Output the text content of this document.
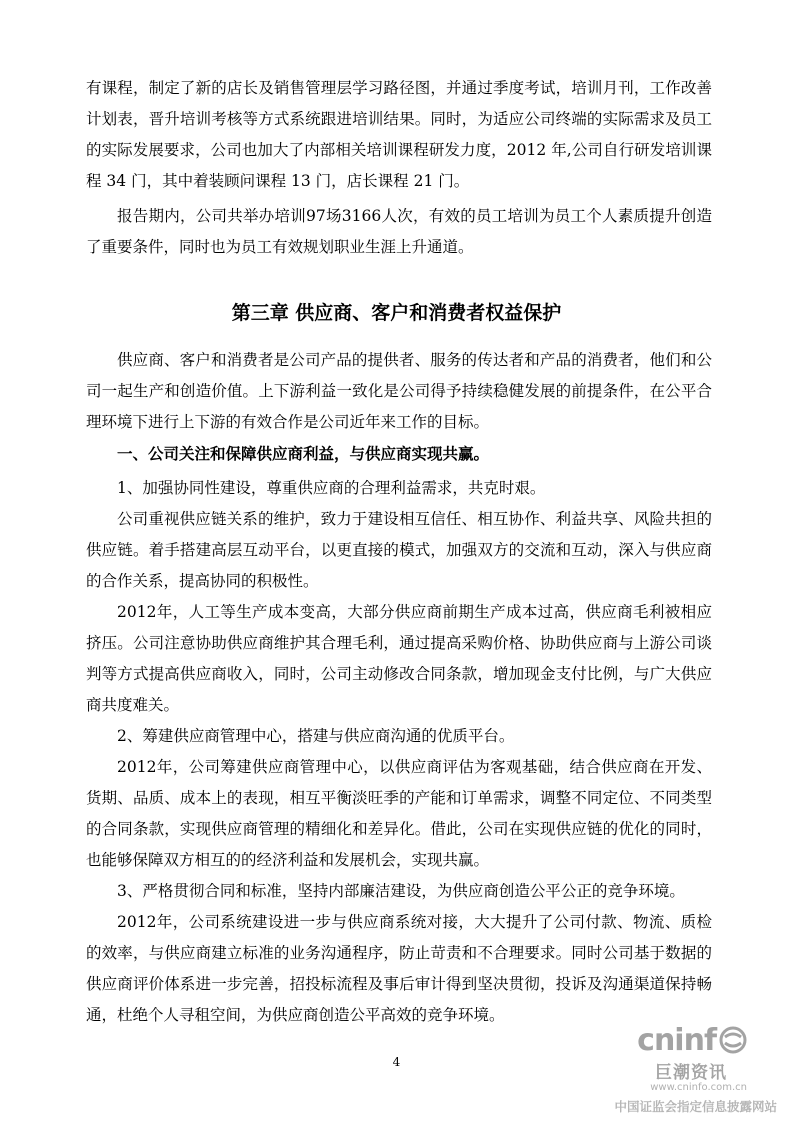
有课程，制定了新的店长及销售管理层学习路径图，并通过季度考试，培训月刊，工作改善计划表，晋升培训考核等方式系统跟进培训结果。同时，为适应公司终端的实际需求及员工的实际发展要求，公司也加大了内部相关培训课程研发力度，2012 年,公司自行研发培训课程 34 门，其中着装顾问课程 13 门，店长课程 21 门。

报告期内，公司共举办培训97场3166人次，有效的员工培训为员工个人素质提升创造了重要条件，同时也为员工有效规划职业生涯上升通道。

第三章 供应商、客户和消费者权益保护

供应商、客户和消费者是公司产品的提供者、服务的传达者和产品的消费者，他们和公司一起生产和创造价值。上下游利益一致化是公司得予持续稳健发展的前提条件，在公平合理环境下进行上下游的有效合作是公司近年来工作的目标。

一、公司关注和保障供应商利益，与供应商实现共赢。

1、加强协同性建设，尊重供应商的合理利益需求，共克时艰。

公司重视供应链关系的维护，致力于建设相互信任、相互协作、利益共享、风险共担的供应链。着手搭建高层互动平台，以更直接的模式，加强双方的交流和互动，深入与供应商的合作关系，提高协同的积极性。

2012年，人工等生产成本变高，大部分供应商前期生产成本过高，供应商毛利被相应挤压。公司注意协助供应商维护其合理毛利，通过提高采购价格、协助供应商与上游公司谈判等方式提高供应商收入，同时，公司主动修改合同条款，增加现金支付比例，与广大供应商共度难关。

2、筹建供应商管理中心，搭建与供应商沟通的优质平台。

2012年，公司筹建供应商管理中心，以供应商评估为客观基础，结合供应商在开发、货期、品质、成本上的表现，相互平衡淡旺季的产能和订单需求，调整不同定位、不同类型的合同条款，实现供应商管理的精细化和差异化。借此，公司在实现供应链的优化的同时，也能够保障双方相互的的经济利益和发展机会，实现共赢。

3、严格贯彻合同和标准，坚持内部廉洁建设，为供应商创造公平公正的竞争环境。

2012年，公司系统建设进一步与供应商系统对接，大大提升了公司付款、物流、质检的效率，与供应商建立标准的业务沟通程序，防止苛责和不合理要求。同时公司基于数据的供应商评价体系进一步完善，招投标流程及事后审计得到坚决贯彻，投诉及沟通渠道保持畅通，杜绝个人寻租空间，为供应商创造公平高效的竞争环境。

4
cninf
巨潮资讯
www.cninfo.com.cn
中国证监会指定信息披露网站
